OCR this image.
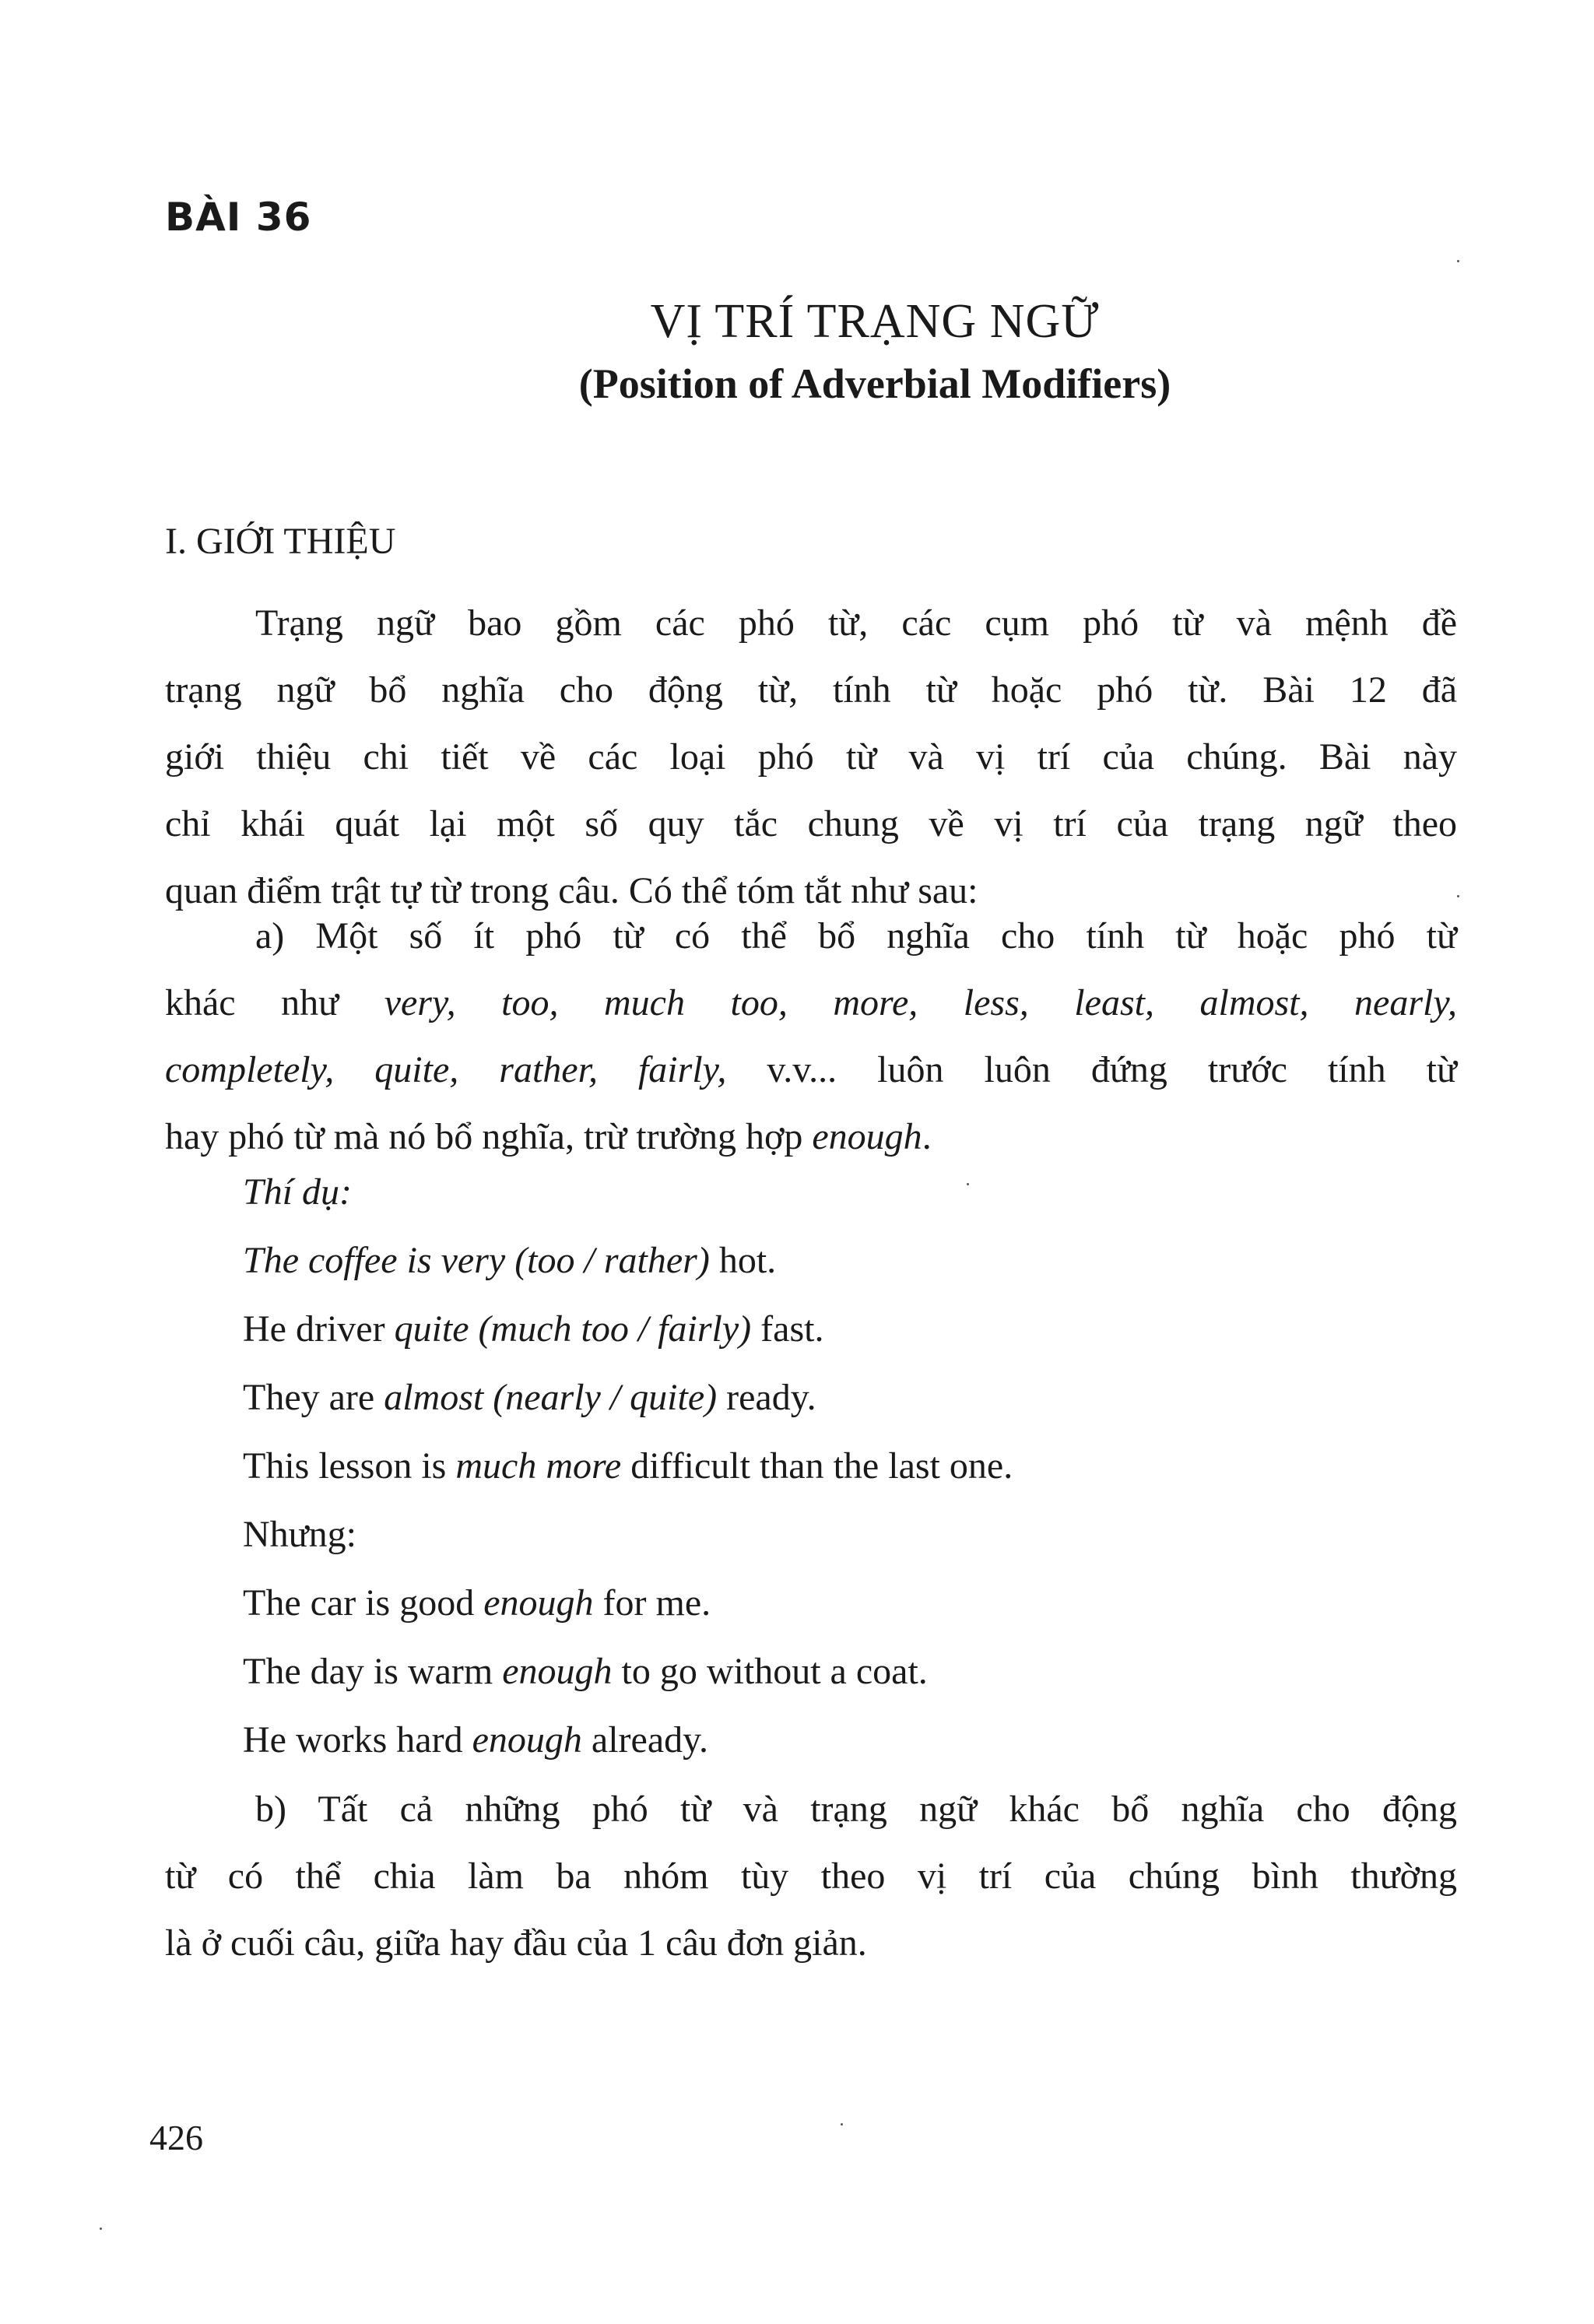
BÀI 36
VỊ TRÍ TRẠNG NGỮ
(Position of Adverbial Modifiers)
I. GIỚI THIỆU
Trạng ngữ bao gồm các phó từ, các cụm phó từ và mệnh đề
trạng ngữ bổ nghĩa cho động từ, tính từ hoặc phó từ. Bài 12 đã
giới thiệu chi tiết về các loại phó từ và vị trí của chúng. Bài này
chỉ khái quát lại một số quy tắc chung về vị trí của trạng ngữ theo
quan điểm trật tự từ trong câu. Có thể tóm tắt như sau:
a) Một số ít phó từ có thể bổ nghĩa cho tính từ hoặc phó từ
khác như very, too, much too, more, less, least, almost, nearly,
completely, quite, rather, fairly, v.v... luôn luôn đứng trước tính từ
hay phó từ mà nó bổ nghĩa, trừ trường hợp enough.
Thí dụ:
The coffee is very (too / rather) hot.
He driver quite (much too / fairly) fast.
They are almost (nearly / quite) ready.
This lesson is much more difficult than the last one.
Nhưng:
The car is good enough for me.
The day is warm enough to go without a coat.
He works hard enough already.
b) Tất cả những phó từ và trạng ngữ khác bổ nghĩa cho động
từ có thể chia làm ba nhóm tùy theo vị trí của chúng bình thường
là ở cuối câu, giữa hay đầu của 1 câu đơn giản.
426
